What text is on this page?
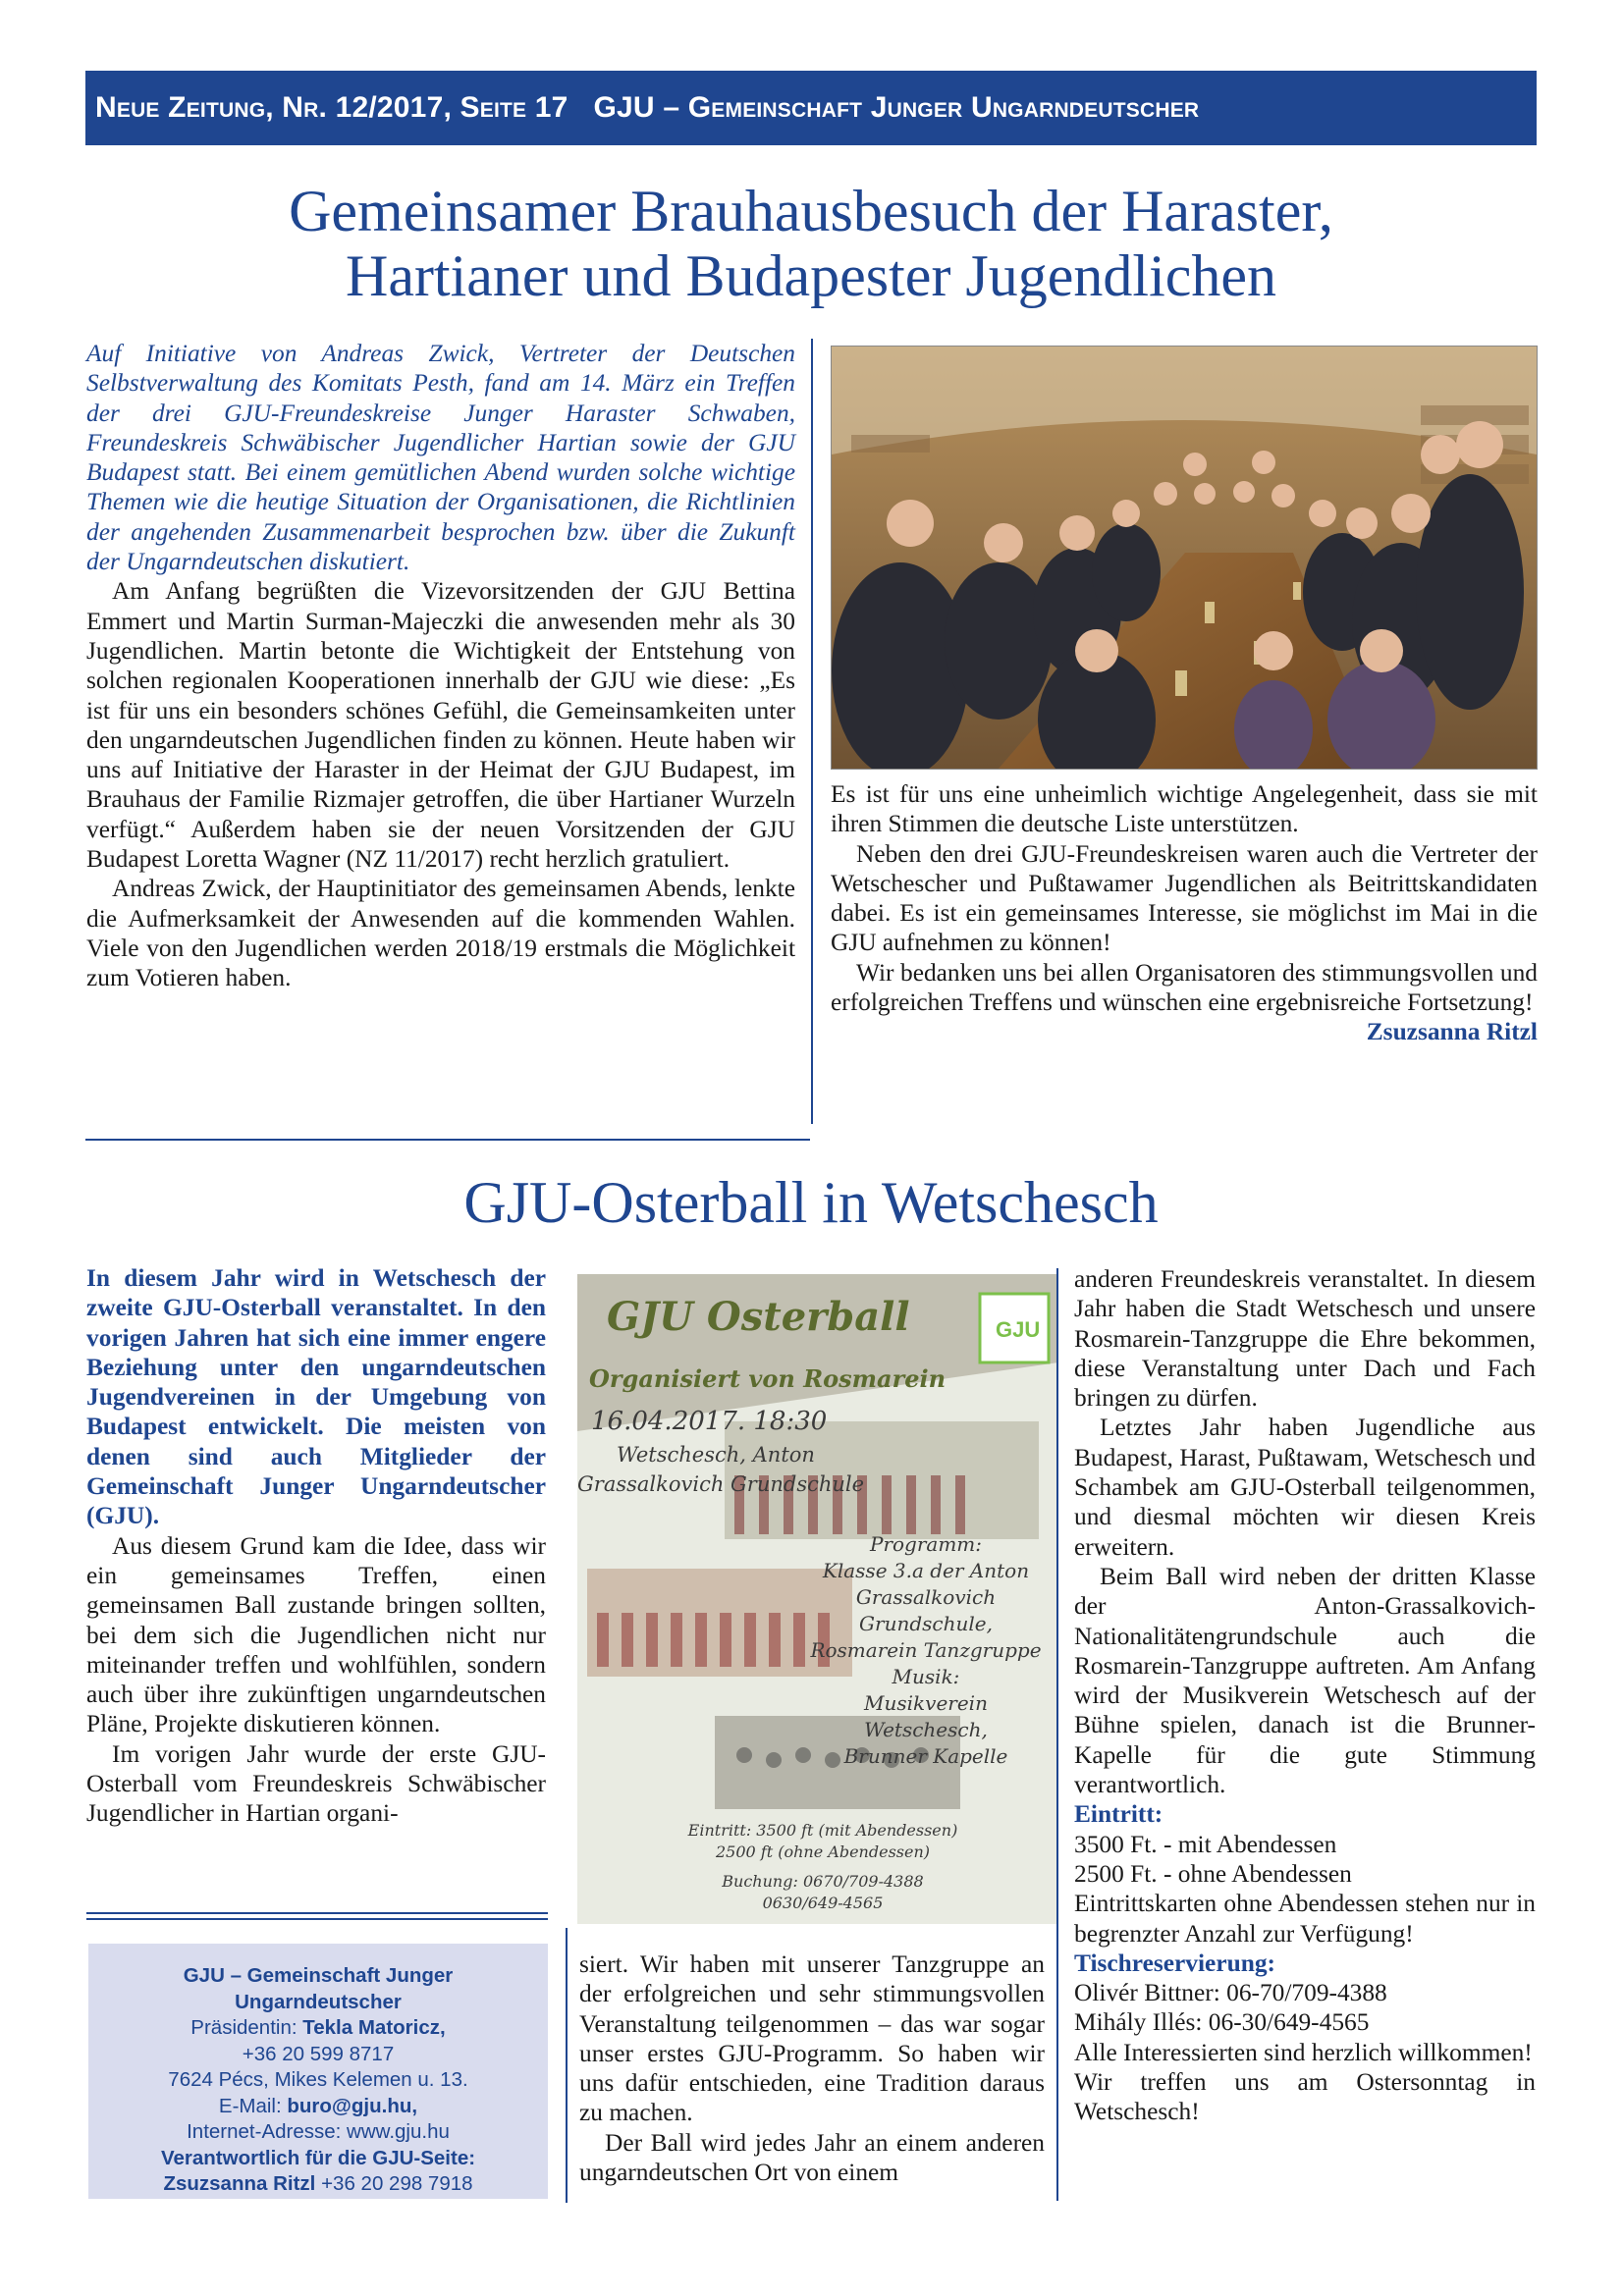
Neue Zeitung, Nr. 12/2017, Seite 17 GJU – Gemeinschaft Junger Ungarndeutscher
Gemeinsamer Brauhausbesuch der Haraster,
Hartianer und Budapester Jugendlichen

Auf Initiative von Andreas Zwick, Vertreter der Deutschen Selbstverwaltung des Komitats Pesth, fand am 14. März ein Treffen der drei GJU-Freundeskreise Junger Haraster Schwaben, Freundeskreis Schwäbischer Jugendlicher Hartian sowie der GJU Budapest statt. Bei einem gemütlichen Abend wurden solche wichtige Themen wie die heutige Situation der Organisationen, die Richtlinien der angehenden Zusammenarbeit besprochen bzw. über die Zukunft der Ungarndeutschen diskutiert.

Am Anfang begrüßten die Vizevorsitzenden der GJU Bettina Emmert und Martin Surman-Majeczki die anwesenden mehr als 30 Jugendlichen. Martin betonte die Wichtigkeit der Entstehung von solchen regionalen Kooperationen innerhalb der GJU wie diese: „Es ist für uns ein besonders schönes Gefühl, die Gemeinsamkeiten unter den ungarndeutschen Jugendlichen finden zu können. Heute haben wir uns auf Initiative der Haraster in der Heimat der GJU Budapest, im Brauhaus der Familie Rizmajer getroffen, die über Hartianer Wurzeln verfügt.“ Außerdem haben sie der neuen Vorsitzenden der GJU Budapest Loretta Wagner (NZ 11/2017) recht herzlich gratuliert.

Andreas Zwick, der Hauptinitiator des gemeinsamen Abends, lenkte die Aufmerksamkeit der Anwesenden auf die kommenden Wahlen. Viele von den Jugendlichen werden 2018/19 erstmals die Möglichkeit zum Votieren haben.

Es ist für uns eine unheimlich wichtige Angelegenheit, dass sie mit ihren Stimmen die deutsche Liste unterstützen.

Neben den drei GJU-Freundeskreisen waren auch die Vertreter der Wetschescher und Pußtawamer Jugendlichen als Beitrittskandidaten dabei. Es ist ein gemeinsames Interesse, sie möglichst im Mai in die GJU aufnehmen zu können!

Wir bedanken uns bei allen Organisatoren des stimmungsvollen und erfolgreichen Treffens und wünschen eine ergebnisreiche Fortsetzung!

Zsuzsanna Ritzl

GJU-Osterball in Wetschesch

In diesem Jahr wird in Wetschesch der zweite GJU-Osterball veranstaltet. In den vorigen Jahren hat sich eine immer engere Beziehung unter den ungarndeutschen Jugendvereinen in der Umgebung von Budapest entwickelt. Die meisten von denen sind auch Mitglieder der Gemeinschaft Junger Ungarndeutscher (GJU).

Aus diesem Grund kam die Idee, dass wir ein gemeinsames Treffen, einen gemeinsamen Ball zustande bringen sollten, bei dem sich die Jugendlichen nicht nur miteinander treffen und wohlfühlen, sondern auch über ihre zukünftigen ungarndeutschen Pläne, Projekte diskutieren können.

Im vorigen Jahr wurde der erste GJU-Osterball vom Freundeskreis Schwäbischer Jugendlicher in Hartian organi-

GJU – Gemeinschaft Junger
Ungarndeutscher
Präsidentin: Tekla Matoricz,
+36 20 599 8717
7624 Pécs, Mikes Kelemen u. 13.
E-Mail: buro@gju.hu,
Internet-Adresse: www.gju.hu
Verantwortlich für die GJU-Seite:
Zsuzsanna Ritzl +36 20 298 7918
GJU
GJU Osterball
Organisiert von Rosmarein
16.04.2017. 18:30
Wetschesch, Anton
Grassalkovich Grundschule
Programm:
Klasse 3.a der Anton
Grassalkovich Grundschule,
Rosmarein Tanzgruppe
Musik:
Musikverein Wetschesch,
Brunner Kapelle
Eintritt: 3500 ft (mit Abendessen)
2500 ft (ohne Abendessen)
Buchung: 0670/709-4388
0630/649-4565

siert. Wir haben mit unserer Tanzgruppe an der erfolgreichen und sehr stimmungsvollen Veranstaltung teilgenommen – das war sogar unser erstes GJU-Programm. So haben wir uns dafür entschieden, eine Tradition daraus zu machen.

Der Ball wird jedes Jahr an einem anderen ungarndeutschen Ort von einem

anderen Freundeskreis veranstaltet. In diesem Jahr haben die Stadt Wetschesch und unsere Rosmarein-Tanzgruppe die Ehre bekommen, diese Veranstaltung unter Dach und Fach bringen zu dürfen.

Letztes Jahr haben Jugendliche aus Budapest, Harast, Pußtawam, Wetschesch und Schambek am GJU-Osterball teilgenommen, und diesmal möchten wir diesen Kreis erweitern.

Beim Ball wird neben der dritten Klasse der Anton-Grassalkovich-Nationalitätengrundschule auch die Rosmarein-Tanzgruppe auftreten. Am Anfang wird der Musikverein Wetschesch auf der Bühne spielen, danach ist die Brunner-Kapelle für die gute Stimmung verantwortlich.

Eintritt:

3500 Ft. - mit Abendessen

2500 Ft. - ohne Abendessen

Eintrittskarten ohne Abendessen stehen nur in begrenzter Anzahl zur Verfügung!

Tischreservierung:

Olivér Bittner: 06-70/709-4388

Mihály Illés: 06-30/649-4565

Alle Interessierten sind herzlich willkommen!

Wir treffen uns am Ostersonntag in Wetschesch!
